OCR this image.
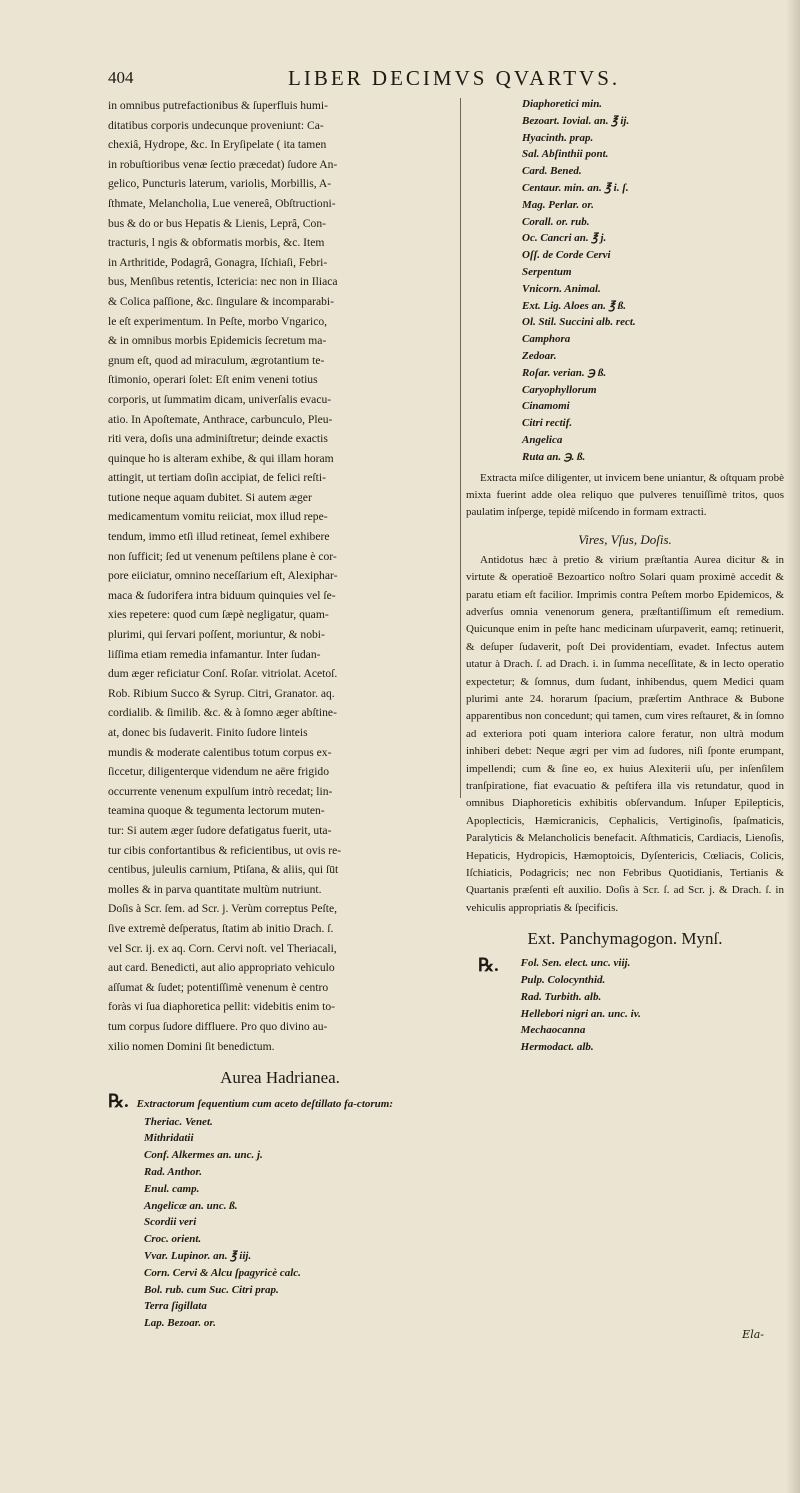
404	LIBER DECIMVS QVARTVS.

in omnibus putrefactionibus & ſuperfluis humi-
ditatibus corporis undecunque proveniunt: Ca-
chexiâ, Hydrope, &c. In Eryſipelate ( ita tamen
in robuſtioribus venæ ſectio præcedat) ſudore An-
gelico, Puncturis laterum, variolis, Morbillis, A-
ſthmate, Melancholia, Lue venereâ, Obſtructioni-
bus & do or bus Hepatis & Lienis, Leprâ, Con-
tracturis, l ngis & obformatis morbis, &c. Item
in Arthritide, Podagrâ, Gonagra, Iſchiaſi, Febri-
bus, Menſibus retentis, Ictericia: nec non in Iliaca
& Colica paſſione, &c. ſingulare & incomparabi-
le eſt experimentum. In Peſte, morbo Vngarico,
& in omnibus morbis Epidemicis ſecretum ma-
gnum eſt, quod ad miraculum, ægrotantium te-
ſtimonio, operari ſolet: Eſt enim veneni totius
corporis, ut ſummatim dicam, univerſalis evacu-
atio. In Apoſtemate, Anthrace, carbunculo, Pleu-
riti vera, doſis una adminiſtretur; deinde exactis
quinque ho is alteram exhibe, & qui illam horam
attingit, ut tertiam doſin accipiat, de felici reſti-
tutione neque aquam dubitet. Si autem æger
medicamentum vomitu reiiciat, mox illud repe-
tendum, immo etſi illud retineat, ſemel exhibere
non ſufficit; ſed ut venenum peſtilens plane è cor-
pore eiiciatur, omnino neceſſarium eſt, Alexiphar-
maca & ſudorifera intra biduum quinquies vel ſe-
xies repetere: quod cum ſæpè negligatur, quam-
plurimi, qui ſervari poſſent, moriuntur, & nobi-
liſſima etiam remedia infamantur. Inter ſudan-
dum æger reficiatur Conſ. Roſar. vitriolat. Acetoſ.
Rob. Ribium Succo & Syrup. Citri, Granator. aq.
cordialib. & ſimilib. &c. & à ſomno æger abſtine-
at, donec bis ſudaverit. Finito ſudore linteis
mundis & moderate calentibus totum corpus ex-
ſiccetur, diligenterque videndum ne aëre frigido
occurrente venenum expulſum intrò recedat; lin-
teamina quoque & tegumenta lectorum muten-
tur: Si autem æger ſudore defatigatus fuerit, uta-
tur cibis confortantibus & reficientibus, ut ovis re-
centibus, juleulis carnium, Ptiſana, & aliis, qui ſūt
molles & in parva quantitate multùm nutriunt.
Doſis à Scr. ſem. ad Scr. j. Verùm correptus Peſte,
ſive extremè deſperatus, ſtatim ab initio Drach. ſ.
vel Scr. ij. ex aq. Corn. Cervi noſt. vel Theriacali,
aut card. Benedicti, aut alio appropriato vehiculo
aſſumat & ſudet; potentiſſimè venenum è centro
foràs vi ſua diaphoretica pellit: videbitis enim to-
tum corpus ſudore diffluere. Pro quo divino au-
xilio nomen Domini ſit benedictum.

Aurea Hadrianea.
℞. Extractorum ſequentium cum aceto deſtillato fa-ctorum:
Theriac. Venet.
Mithridatii
Conf. Alkermes an. unc. j.
Rad. Anthor.
Enul. camp.
Angelicæ an. unc. ß.
Scordii veri
Croc. orient.
Vvar. Lupinor. an. ℥ iij.
Corn. Cervi & Alcu ſpagyricè calc.
Bol. rub. cum Suc. Citri prap.
Terra ſigillata
Lap. Bezoar. or.
Diaphoretici min.
Bezoart. Iovial. an. ℥ ij.
Hyacinth. prap.
Sal. Abſinthii pont.
Card. Bened.
Centaur. min. an. ℥ i. ſ.
Mag. Perlar. or.
Corall. or. rub.
Oc. Cancri an. ℥ j.
Oſſ. de Corde Cervi
Serpentum
Vnicorn. Animal.
Ext. Lig. Aloes an. ℥ ß.
Ol. Stil. Succini alb. rect.
Camphora
Zedoar.
Roſar. verian. ℈ ß.
Caryophyllorum
Cinamomi
Citri rectif.
Angelica
Ruta an. ℈. ß.

Extracta miſce diligenter, ut invicem bene uniantur, & oſtquam probè mixta fuerint adde olea reliquo que pulveres tenuiſſimè tritos, quos paulatim inſperge, tepidè miſcendo in formam extracti.

Vires, Vſus, Doſis.

Antidotus hæc à pretio & virium præſtantia Aurea dicitur & in virtute & operatioē Bezoartico noſtro Solari quam proximè accedit & paratu etiam eſt facilior. Imprimis contra Peſtem morbo Epidemicos, & adverſus omnia venenorum genera, præſtantiſſimum eſt remedium. Quicunque enim in peſte hanc medicinam uſurpaverit, eamq; retinuerit, & deſuper ſudaverit, poſt Dei providentiam, evadet. Infectus autem utatur à Drach. ſ. ad Drach. i. in ſumma neceſſitate, & in lecto operatio expectetur; & ſomnus, dum ſudant, inhibendus, quem Medici quam plurimi ante 24. horarum ſpacium, præſertim Anthrace & Bubone apparentibus non concedunt; qui tamen, cum vires reſtauret, & in ſomno ad exteriora poti quam interiora calore feratur, non ultrà modum inhiberi debet: Neque ægri per vim ad ſudores, niſi ſponte erumpant, impellendi; cum & ſine eo, ex huius Alexiterii uſu, per inſenſilem tranſpiratione, fiat evacuatio & peſtifera illa vis retundatur, quod in omnibus Diaphoreticis exhibitis obſervandum. Inſuper Epilepticis, Apoplecticis, Hæmicranicis, Cephalicis, Vertiginoſis, ſpaſmaticis, Paralyticis & Melancholicis benefacit. Aſthmaticis, Cardiacis, Lienoſis, Hepaticis, Hydropicis, Hæmoptoicis, Dyſentericis, Cœliacis, Colicis, Iſchiaticis, Podagricis; nec non Febribus Quotidianis, Tertianis & Quartanis præſenti eſt auxilio. Doſis à Scr. ſ. ad Scr. j. & Drach. ſ. in vehiculis appropriatis & ſpecificis.

Ext. Panchymagogon. Mynſ.
℞. Fol. Sen. elect. unc. viij.
Pulp. Colocynthid.
Rad. Turbith. alb.
Hellebori nigri an. unc. iv.
Mechaocanna
Hermodact. alb.
Ela-
